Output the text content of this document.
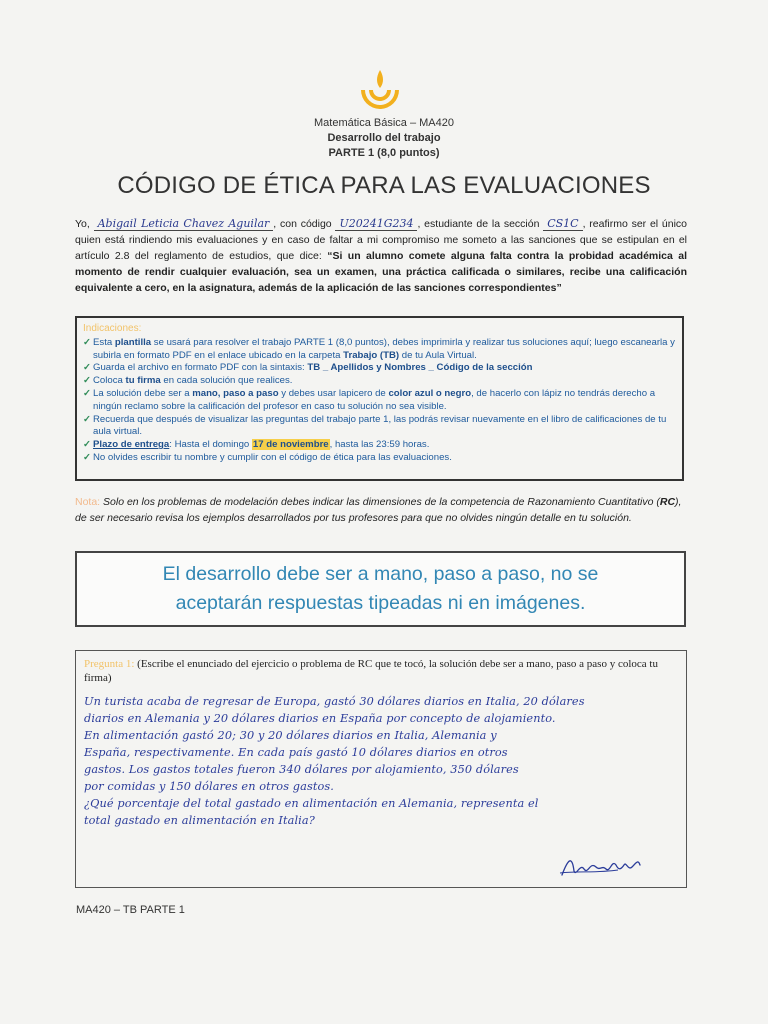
Matemática Básica – MA420
Desarrollo del trabajo
PARTE 1 (8,0 puntos)
CÓDIGO DE ÉTICA PARA LAS EVALUACIONES
Yo, Abigail Leticia Chavez Aguilar , con código U20241G234 , estudiante de la sección CS1C , reafirmo ser el único quien está rindiendo mis evaluaciones y en caso de faltar a mi compromiso me someto a las sanciones que se estipulan en el artículo 2.8 del reglamento de estudios, que dice: “Si un alumno comete alguna falta contra la probidad académica al momento de rendir cualquier evaluación, sea un examen, una práctica calificada o similares, recibe una calificación equivalente a cero, en la asignatura, además de la aplicación de las sanciones correspondientes”
Indicaciones:
✓ Esta plantilla se usará para resolver el trabajo PARTE 1 (8,0 puntos), debes imprimirla y realizar tus soluciones aquí; luego escanearla y subirla en formato PDF en el enlace ubicado en la carpeta Trabajo (TB) de tu Aula Virtual.
✓ Guarda el archivo en formato PDF con la sintaxis: TB _ Apellidos y Nombres _ Código de la sección
✓ Coloca tu firma en cada solución que realices.
✓ La solución debe ser a mano, paso a paso y debes usar lapicero de color azul o negro, de hacerlo con lápiz no tendrás derecho a ningún reclamo sobre la calificación del profesor en caso tu solución no sea visible.
✓ Recuerda que después de visualizar las preguntas del trabajo parte 1, las podrás revisar nuevamente en el libro de calificaciones de tu aula virtual.
✓ Plazo de entrega: Hasta el domingo 17 de noviembre, hasta las 23:59 horas.
✓ No olvides escribir tu nombre y cumplir con el código de ética para las evaluaciones.
Nota: Solo en los problemas de modelación debes indicar las dimensiones de la competencia de Razonamiento Cuantitativo (RC), de ser necesario revisa los ejemplos desarrollados por tus profesores para que no olvides ningún detalle en tu solución.
El desarrollo debe ser a mano, paso a paso, no se
aceptarán respuestas tipeadas ni en imágenes.
Pregunta 1: (Escribe el enunciado del ejercicio o problema de RC que te tocó, la solución debe ser a mano, paso a paso y coloca tu firma)
Un turista acaba de regresar de Europa, gastó 30 dólares diarios en Italia, 20 dólares
diarios en Alemania y 20 dólares diarios en España por concepto de alojamiento.
En alimentación gastó 20; 30 y 20 dólares diarios en Italia, Alemania y
España, respectivamente. En cada país gastó 10 dólares diarios en otros
gastos. Los gastos totales fueron 340 dólares por alojamiento, 350 dólares
por comidas y 150 dólares en otros gastos.
¿Qué porcentaje del total gastado en alimentación en Alemania, representa el
total gastado en alimentación en Italia?
MA420 – TB PARTE 1
